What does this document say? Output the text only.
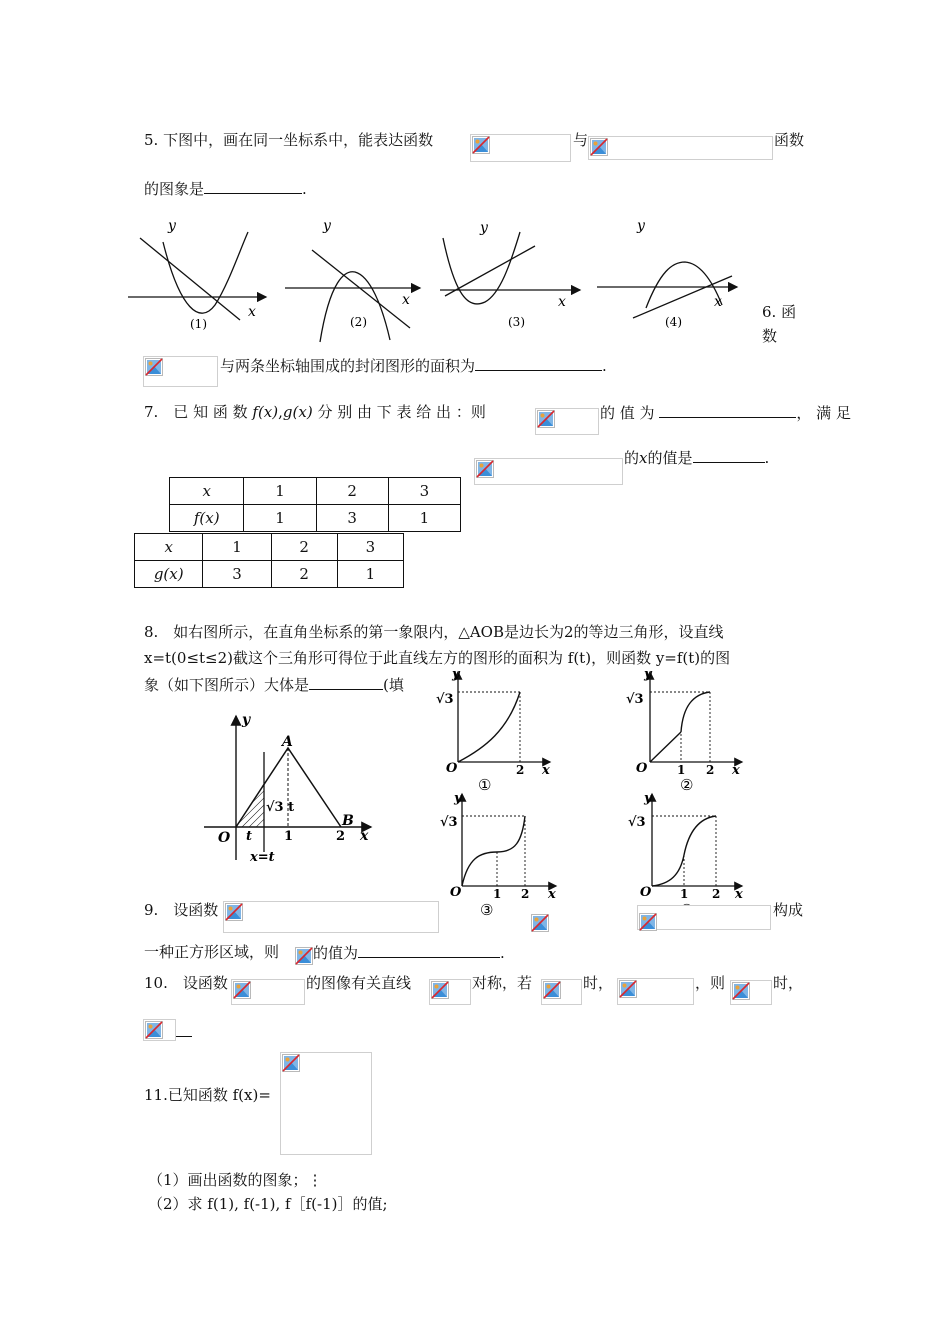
5. 下图中，画在同一坐标系中，能表达函数	与	函数
的图象是	.
y
x
(1)
y
x
(2)
y
x
(3)
y
x
(4)
6. 函
数
与两条坐标轴围成的封闭图形的面积为	.
7.　已 知 函 数 f(x),g(x) 分 别 由 下 表 给 出 ：则	的 值 为	， 满 足
的x的值是	.
x	1	2	3
f(x)	1	3	1
x	1	2	3
g(x)	3	2	1
8.　如右图所示，在直角坐标系的第一象限内，△AOB是边长为2的等边三角形，设直线
x=t(0≤t≤2)截这个三角形可得位于此直线左方的图形的面积为 f(t)，则函数 y=f(t)的图
象（如下图所示）大体是	(填
y
A
B
O	x
t 1	2
√3 t
x=t
√3
O	2 x
①
√3
O 1 2 x
②
y
√3
O	1 2 x
③
y
√3
O 1 2 x
y	y
9.　设函数	构成
一种正方形区域，则 的值为	.
10.　设函数	的图像有关直线	对称，若	时，	，则	时，
11.已知函数 f(x)=
（1）画出函数的图象；⋮
（2）求 f(1), f(-1), f［f(-1)］的值;
